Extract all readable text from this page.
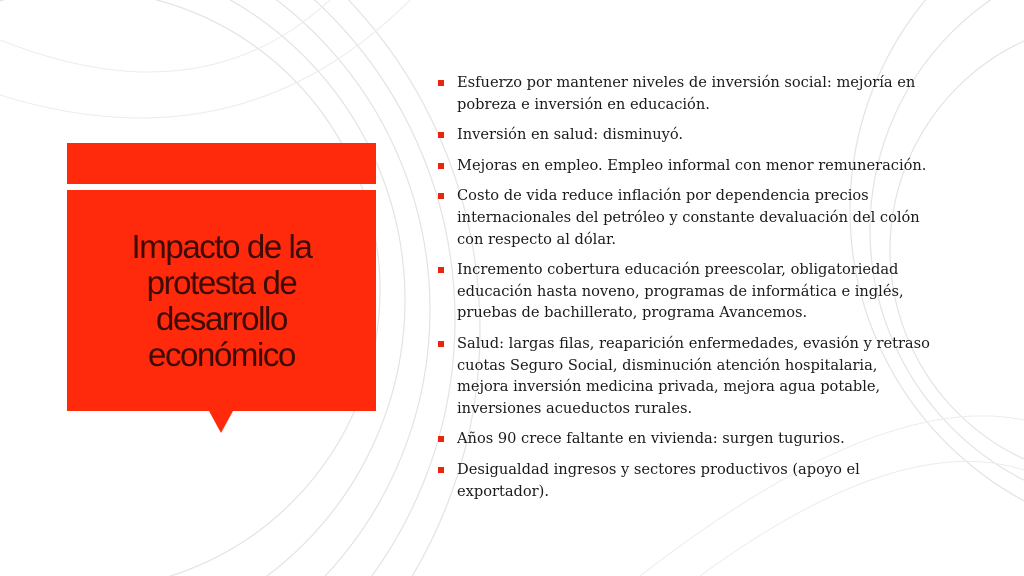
Impacto de la protesta de desarrollo económico
Esfuerzo por mantener niveles de inversión social: mejoría en pobreza e inversión en educación.
Inversión en salud: disminuyó.
Mejoras en empleo. Empleo informal con menor remuneración.
Costo de vida reduce inflación por dependencia precios internacionales del petróleo y constante devaluación del colón con respecto al dólar.
Incremento cobertura educación preescolar, obligatoriedad educación hasta noveno, programas de informática e inglés, pruebas de bachillerato, programa Avancemos.
Salud: largas filas, reaparición enfermedades, evasión y retraso cuotas Seguro Social, disminución atención hospitalaria, mejora inversión medicina privada, mejora agua potable, inversiones acueductos rurales.
Años 90 crece faltante en vivienda: surgen tugurios.
Desigualdad ingresos y sectores productivos (apoyo el exportador).
